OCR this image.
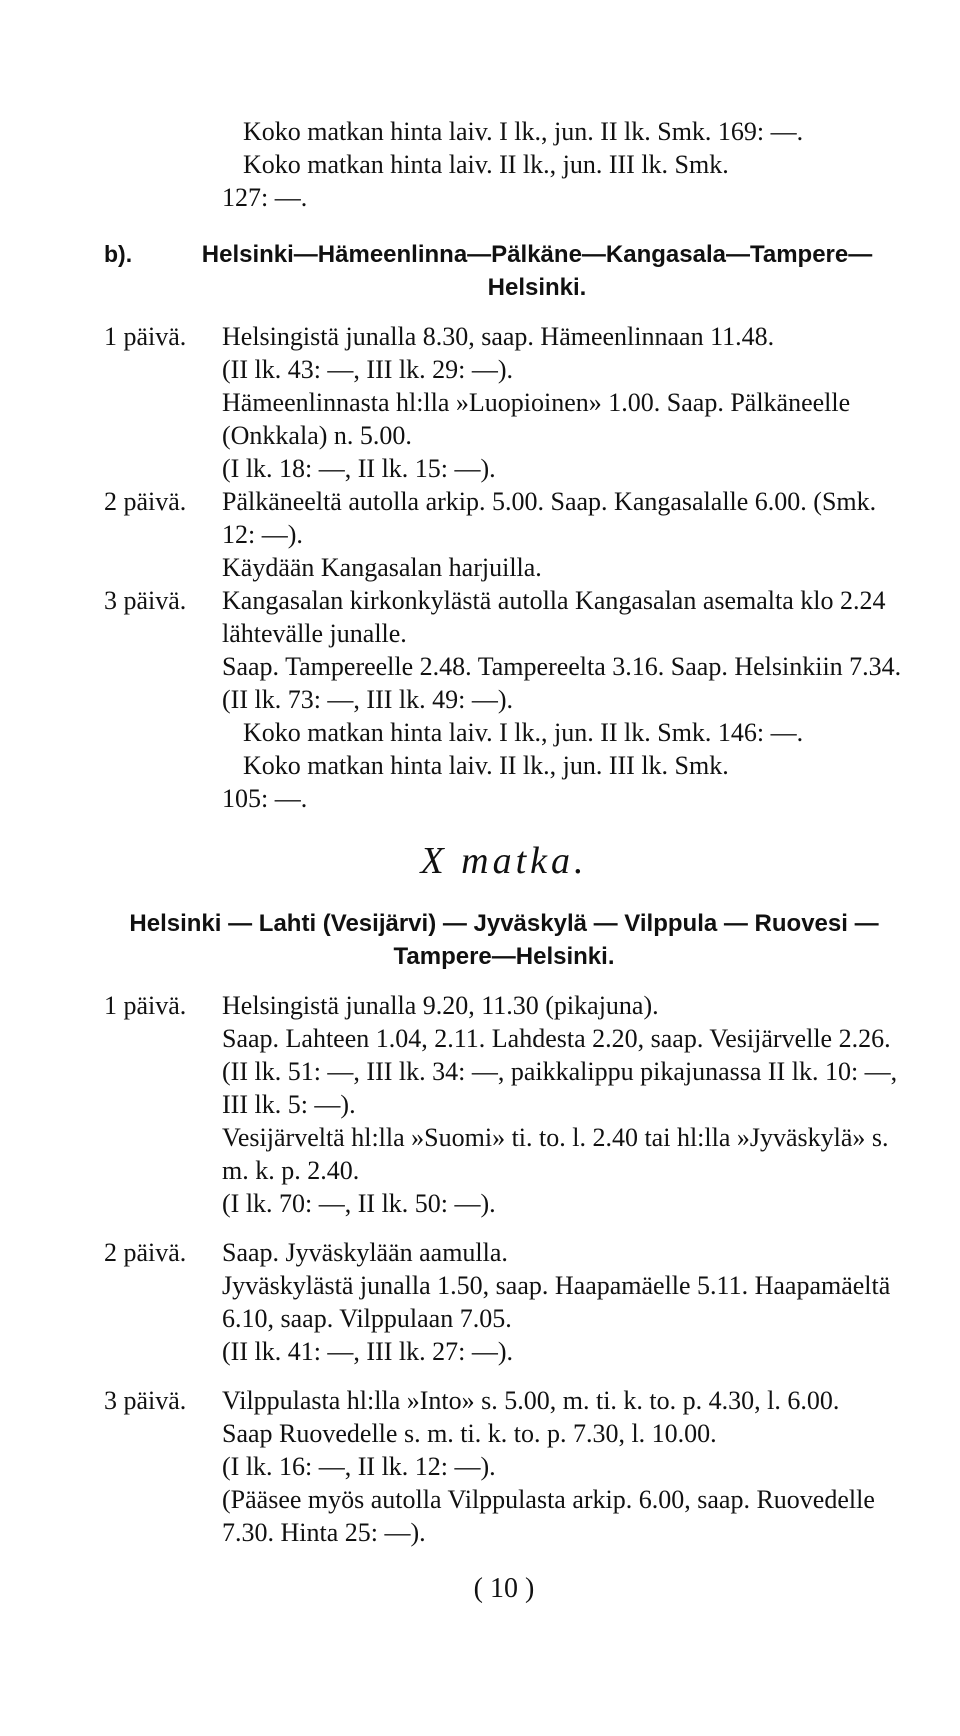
Koko matkan hinta laiv. I lk., jun. II lk. Smk. 169: —.
Koko matkan hinta laiv. II lk., jun. III lk. Smk.
127: —.
b).	Helsinki—Hämeenlinna—Pälkäne—Kangasala—Tampere—
Helsinki.
1 päivä.	Helsingistä junalla 8.30, saap. Hämeenlinnaan 11.48.
(II lk. 43: —, III lk. 29: —).
Hämeenlinnasta hl:lla »Luopioinen» 1.00. Saap. Pälkäneelle (Onkkala) n. 5.00.
(I lk. 18: —, II lk. 15: —).
2 päivä.	Pälkäneeltä autolla arkip. 5.00. Saap. Kangasalalle 6.00. (Smk. 12: —).
Käydään Kangasalan harjuilla.
3 päivä.	Kangasalan kirkonkylästä autolla Kangasalan asemalta klo 2.24 lähtevälle junalle.
Saap. Tampereelle 2.48. Tampereelta 3.16. Saap. Helsinkiin 7.34.
(II lk. 73: —, III lk. 49: —).
Koko matkan hinta laiv. I lk., jun. II lk. Smk. 146: —.
Koko matkan hinta laiv. II lk., jun. III lk. Smk.
105: —.
X matka.
Helsinki — Lahti (Vesijärvi) — Jyväskylä — Vilppula — Ruovesi —
Tampere—Helsinki.
1 päivä.	Helsingistä junalla 9.20, 11.30 (pikajuna).
Saap. Lahteen 1.04, 2.11. Lahdesta 2.20, saap. Vesijärvelle 2.26.
(II lk. 51: —, III lk. 34: —, paikkalippu pikajunassa II lk. 10: —, III lk. 5: —).
Vesijärveltä hl:lla »Suomi» ti. to. l. 2.40 tai hl:lla »Jyväskylä» s. m. k. p. 2.40.
(I lk. 70: —, II lk. 50: —).
2 päivä.	Saap. Jyväskylään aamulla.
Jyväskylästä junalla 1.50, saap. Haapamäelle 5.11. Haapamäeltä 6.10, saap. Vilppulaan 7.05.
(II lk. 41: —, III lk. 27: —).
3 päivä.	Vilppulasta hl:lla »Into» s. 5.00, m. ti. k. to. p. 4.30, l. 6.00.
Saap Ruovedelle s. m. ti. k. to. p. 7.30, l. 10.00.
(I lk. 16: —, II lk. 12: —).
(Pääsee myös autolla Vilppulasta arkip. 6.00, saap. Ruovedelle 7.30. Hinta 25: —).
( 10 )
